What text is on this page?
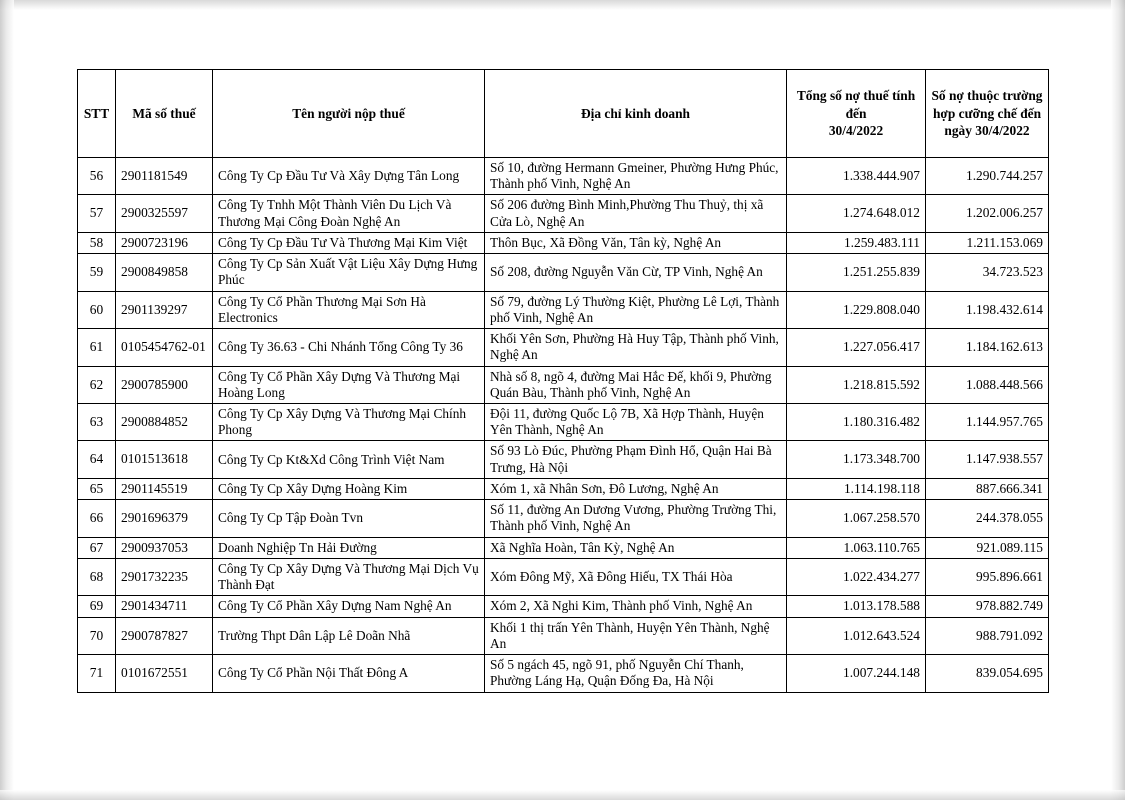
STT	Mã số thuế	Tên người nộp thuế	Địa chỉ kinh doanh	Tổng số nợ thuế tính
đến
30/4/2022	Số nợ thuộc trường
hợp cưỡng chế đến
ngày 30/4/2022
56	2901181549	Công Ty Cp Đầu Tư Và Xây Dựng Tân Long	Số 10, đường Hermann Gmeiner, Phường Hưng Phúc, Thành phố Vinh, Nghệ An	1.338.444.907	1.290.744.257
57	2900325597	Công Ty Tnhh Một Thành Viên Du Lịch Và Thương Mại Công Đoàn Nghệ An	Số 206 đường Bình Minh,Phường Thu Thuỷ, thị xã Cửa Lò, Nghệ An	1.274.648.012	1.202.006.257
58	2900723196	Công Ty Cp Đầu Tư Và Thương Mại Kim Việt	Thôn Bục, Xã Đồng Văn, Tân kỳ, Nghệ An	1.259.483.111	1.211.153.069
59	2900849858	Công Ty Cp Sản Xuất Vật Liệu Xây Dựng Hưng Phúc	Số 208, đường Nguyễn Văn Cừ, TP Vinh, Nghệ An	1.251.255.839	34.723.523
60	2901139297	Công Ty Cổ Phần Thương Mại Sơn Hà Electronics	Số 79, đường Lý Thường Kiệt, Phường Lê Lợi, Thành phố Vinh, Nghệ An	1.229.808.040	1.198.432.614
61	0105454762-01	Công Ty 36.63 - Chi Nhánh Tổng Công Ty 36	Khối Yên Sơn, Phường Hà Huy Tập, Thành phố Vinh, Nghệ An	1.227.056.417	1.184.162.613
62	2900785900	Công Ty Cổ Phần Xây Dựng Và Thương Mại Hoàng Long	Nhà số 8, ngõ 4, đường Mai Hắc Đế, khối 9, Phường Quán Bàu, Thành phố Vinh, Nghệ An	1.218.815.592	1.088.448.566
63	2900884852	Công Ty Cp Xây Dựng Và Thương Mại Chính Phong	Đội 11, đường Quốc Lộ 7B, Xã Hợp Thành, Huyện Yên Thành, Nghệ An	1.180.316.482	1.144.957.765
64	0101513618	Công Ty Cp Kt&Xd Công Trình Việt Nam	Số 93 Lò Đúc, Phường Phạm Đình Hổ, Quận Hai Bà Trưng, Hà Nội	1.173.348.700	1.147.938.557
65	2901145519	Công Ty Cp Xây Dựng Hoàng Kim	Xóm 1, xã Nhân Sơn, Đô Lương, Nghệ An	1.114.198.118	887.666.341
66	2901696379	Công Ty Cp Tập Đoàn Tvn	Số 11, đường An Dương Vương, Phường Trường Thi, Thành phố Vinh, Nghệ An	1.067.258.570	244.378.055
67	2900937053	Doanh Nghiệp Tn Hải Đường	Xã Nghĩa Hoàn, Tân Kỳ, Nghệ An	1.063.110.765	921.089.115
68	2901732235	Công Ty Cp Xây Dựng Và Thương Mại Dịch Vụ Thành Đạt	Xóm Đông Mỹ, Xã Đông Hiếu, TX Thái Hòa	1.022.434.277	995.896.661
69	2901434711	Công Ty Cổ Phần Xây Dựng Nam Nghệ An	Xóm 2, Xã Nghi Kim, Thành phố Vinh, Nghệ An	1.013.178.588	978.882.749
70	2900787827	Trường Thpt Dân Lập Lê Doãn Nhã	Khối 1 thị trấn Yên Thành, Huyện Yên Thành, Nghệ An	1.012.643.524	988.791.092
71	0101672551	Công Ty Cổ Phần Nội Thất Đông A	Số 5 ngách 45, ngõ 91, phố Nguyễn Chí Thanh, Phường Láng Hạ, Quận Đống Đa, Hà Nội	1.007.244.148	839.054.695
